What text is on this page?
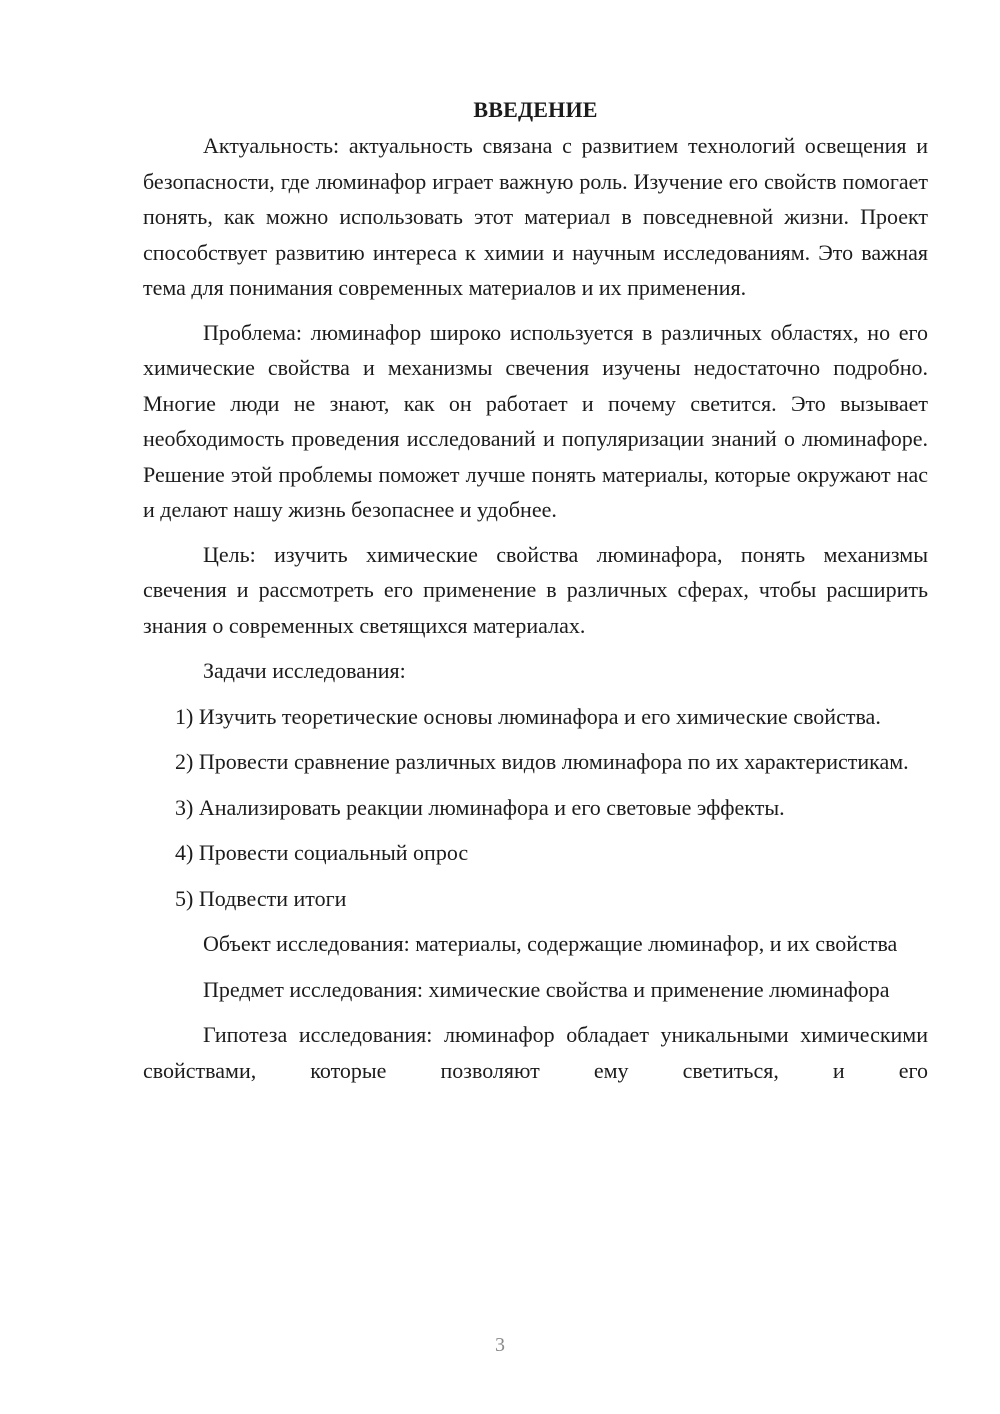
ВВЕДЕНИЕ

Актуальность: актуальность связана с развитием технологий освещения и безопасности, где люминафор играет важную роль. Изучение его свойств помогает понять, как можно использовать этот материал в повседневной жизни. Проект способствует развитию интереса к химии и научным исследованиям. Это важная тема для понимания современных материалов и их применения.

Проблема: люминафор широко используется в различных областях, но его химические свойства и механизмы свечения изучены недостаточно подробно. Многие люди не знают, как он работает и почему светится. Это вызывает необходимость проведения исследований и популяризации знаний о люминафоре. Решение этой проблемы поможет лучше понять материалы, которые окружают нас и делают нашу жизнь безопаснее и удобнее.

Цель: изучить химические свойства люминафора, понять механизмы свечения и рассмотреть его применение в различных сферах, чтобы расширить знания о современных светящихся материалах.

Задачи исследования:

1) Изучить теоретические основы люминафора и его химические свойства.

2) Провести сравнение различных видов люминафора по их характеристикам.

3) Анализировать реакции люминафора и его световые эффекты.

4) Провести социальный опрос

5) Подвести итоги

Объект исследования: материалы, содержащие люминафор, и их свойства

Предмет исследования: химические свойства и применение люминафора

Гипотеза исследования: люминафор обладает уникальными химическими свойствами, которые позволяют ему светиться, и его

3
